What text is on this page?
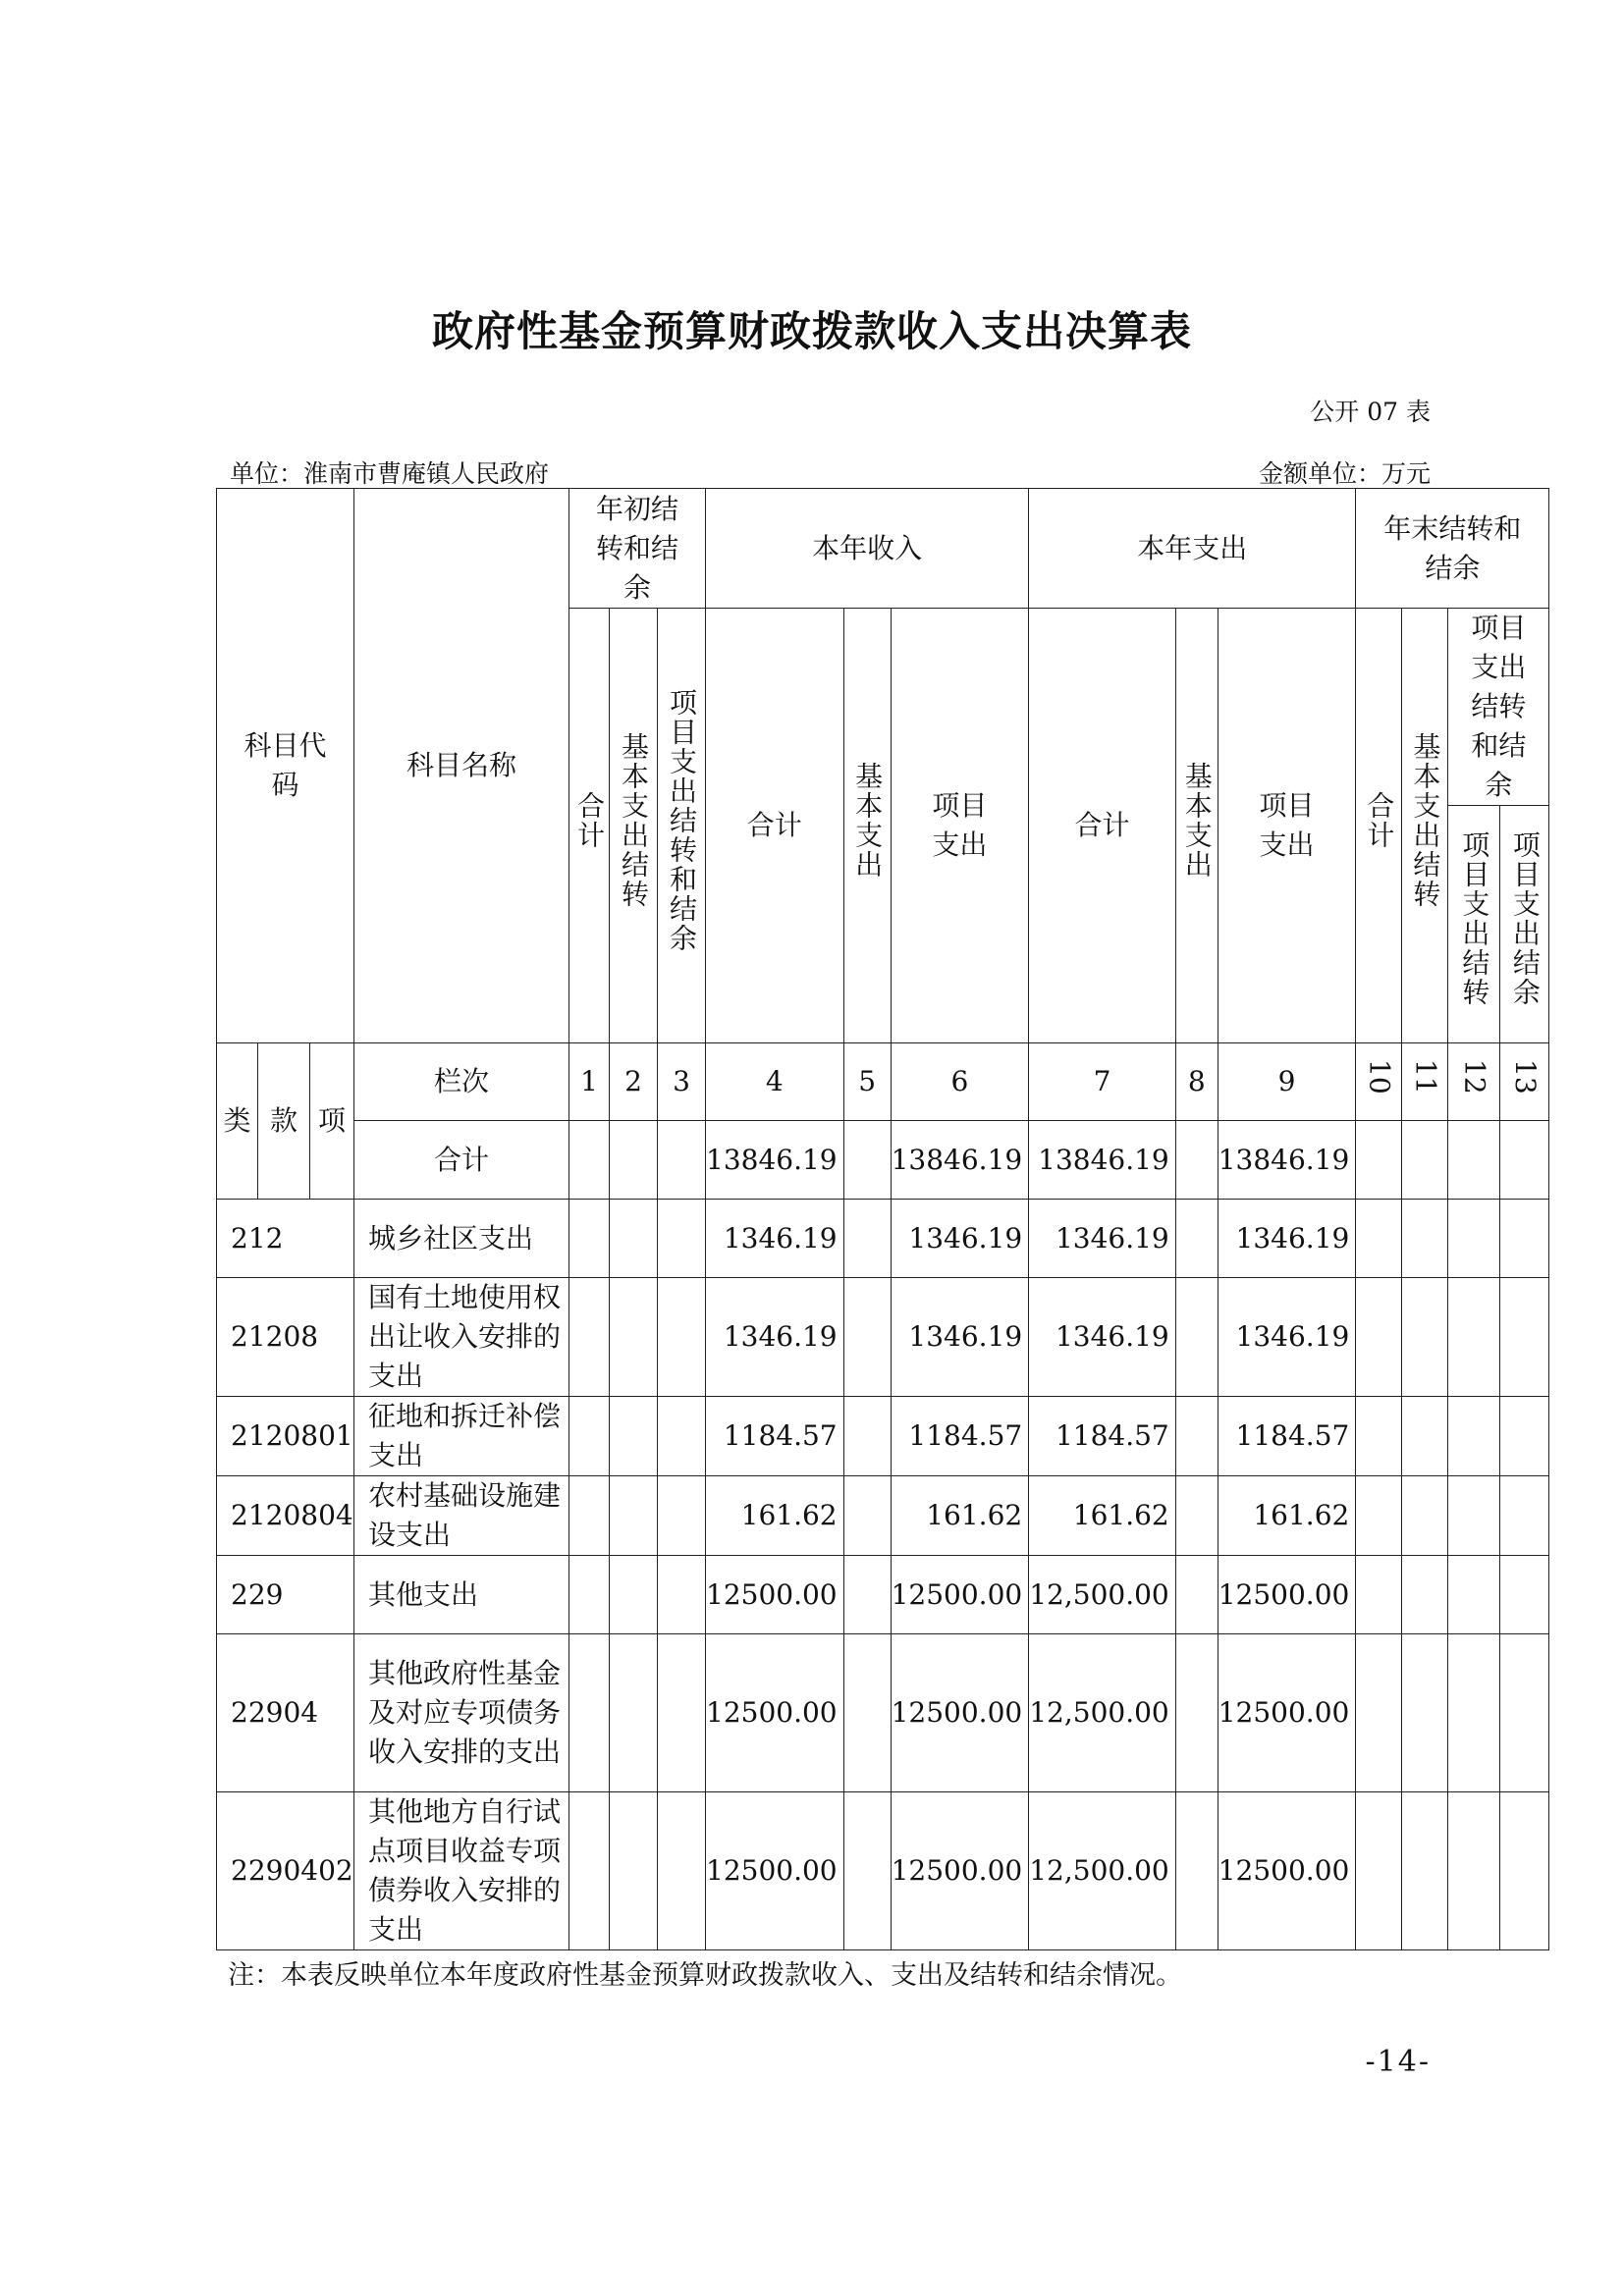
政府性基金预算财政拨款收入支出决算表
公开 07 表
单位：淮南市曹庵镇人民政府	金额单位：万元
科目代码			科目名称	年初结转和结余			本年收入			本年支出			年末结转和结余			
				合计	基本支出结转	项目支出结转和结余	合计	基本支出	项目支出	合计	基本支出	项目支出	合计	基本支出结转	项目支出结转和结余	
															项目支出结转	项目支出结余
类	款	项	栏次	1	2	3	4	5	6	7	8	9	10	11	12	13
			合计				13846.19		13846.19	13846.19		13846.19				
212			城乡社区支出				1346.19		1346.19	1346.19		1346.19				
21208			国有土地使用权出让收入安排的支出				1346.19		1346.19	1346.19		1346.19				
2120801			征地和拆迁补偿支出				1184.57		1184.57	1184.57		1184.57				
2120804			农村基础设施建设支出				161.62		161.62	161.62		161.62				
229			其他支出				12500.00		12500.00	12,500.00		12500.00				
22904			其他政府性基金及对应专项债务收入安排的支出				12500.00		12500.00	12,500.00		12500.00				
2290402			其他地方自行试点项目收益专项债券收入安排的支出				12500.00		12500.00	12,500.00		12500.00				
注：本表反映单位本年度政府性基金预算财政拨款收入、支出及结转和结余情况。
-14-
